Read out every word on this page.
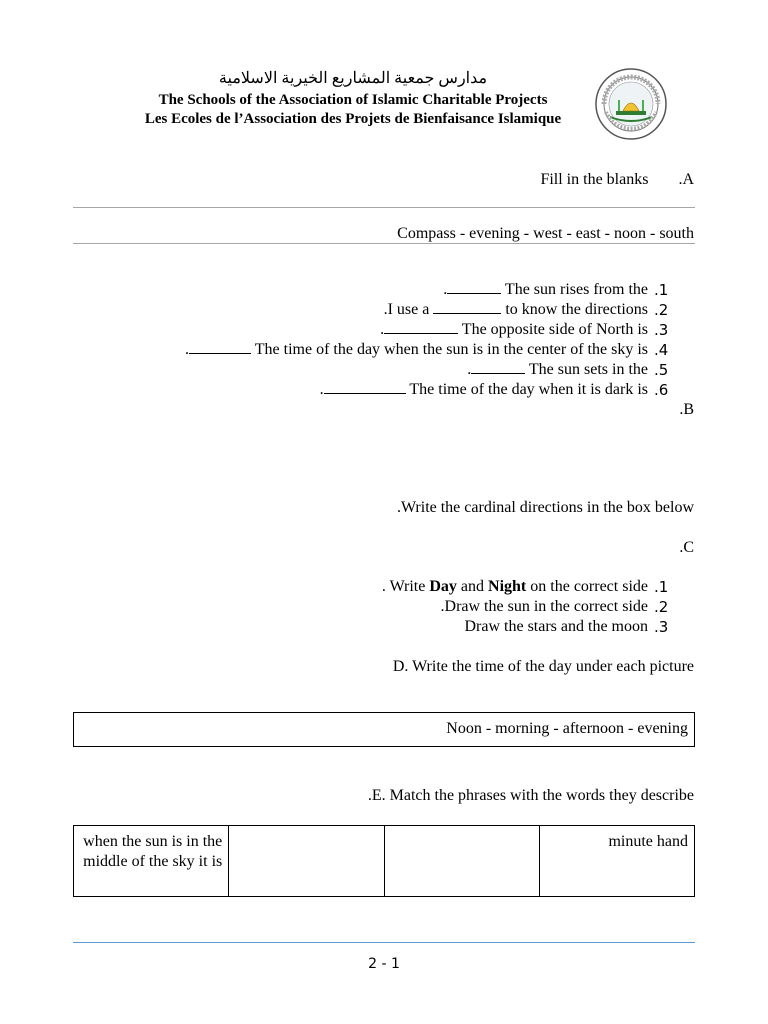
مدارس جمعية المشاريع الخيرية الاسلامية
The Schools of the Association of Islamic Charitable Projects
Les Ecoles de l’Association des Projets de Bienfaisance Islamique
Fill in the blanks .A
Compass - evening - west - east - noon - south
.	The sun rises from the .1
.I use a	to know the directions .2
.	The opposite side of North is .3
.	The time of the day when the sun is in the center of the sky is .4
.	The sun sets in the .5
.	The time of the day when it is dark is .6
.B
.Write the cardinal directions in the box below
.C
. Write Day and Night on the correct side .1
.Draw the sun in the correct side .2
Draw the stars and the moon .3
D. Write the time of the day under each picture
Noon - morning - afternoon - evening
.E. Match the phrases with the words they describe
when the sun is in the middle of the sky it is			minute hand
2 - 1
